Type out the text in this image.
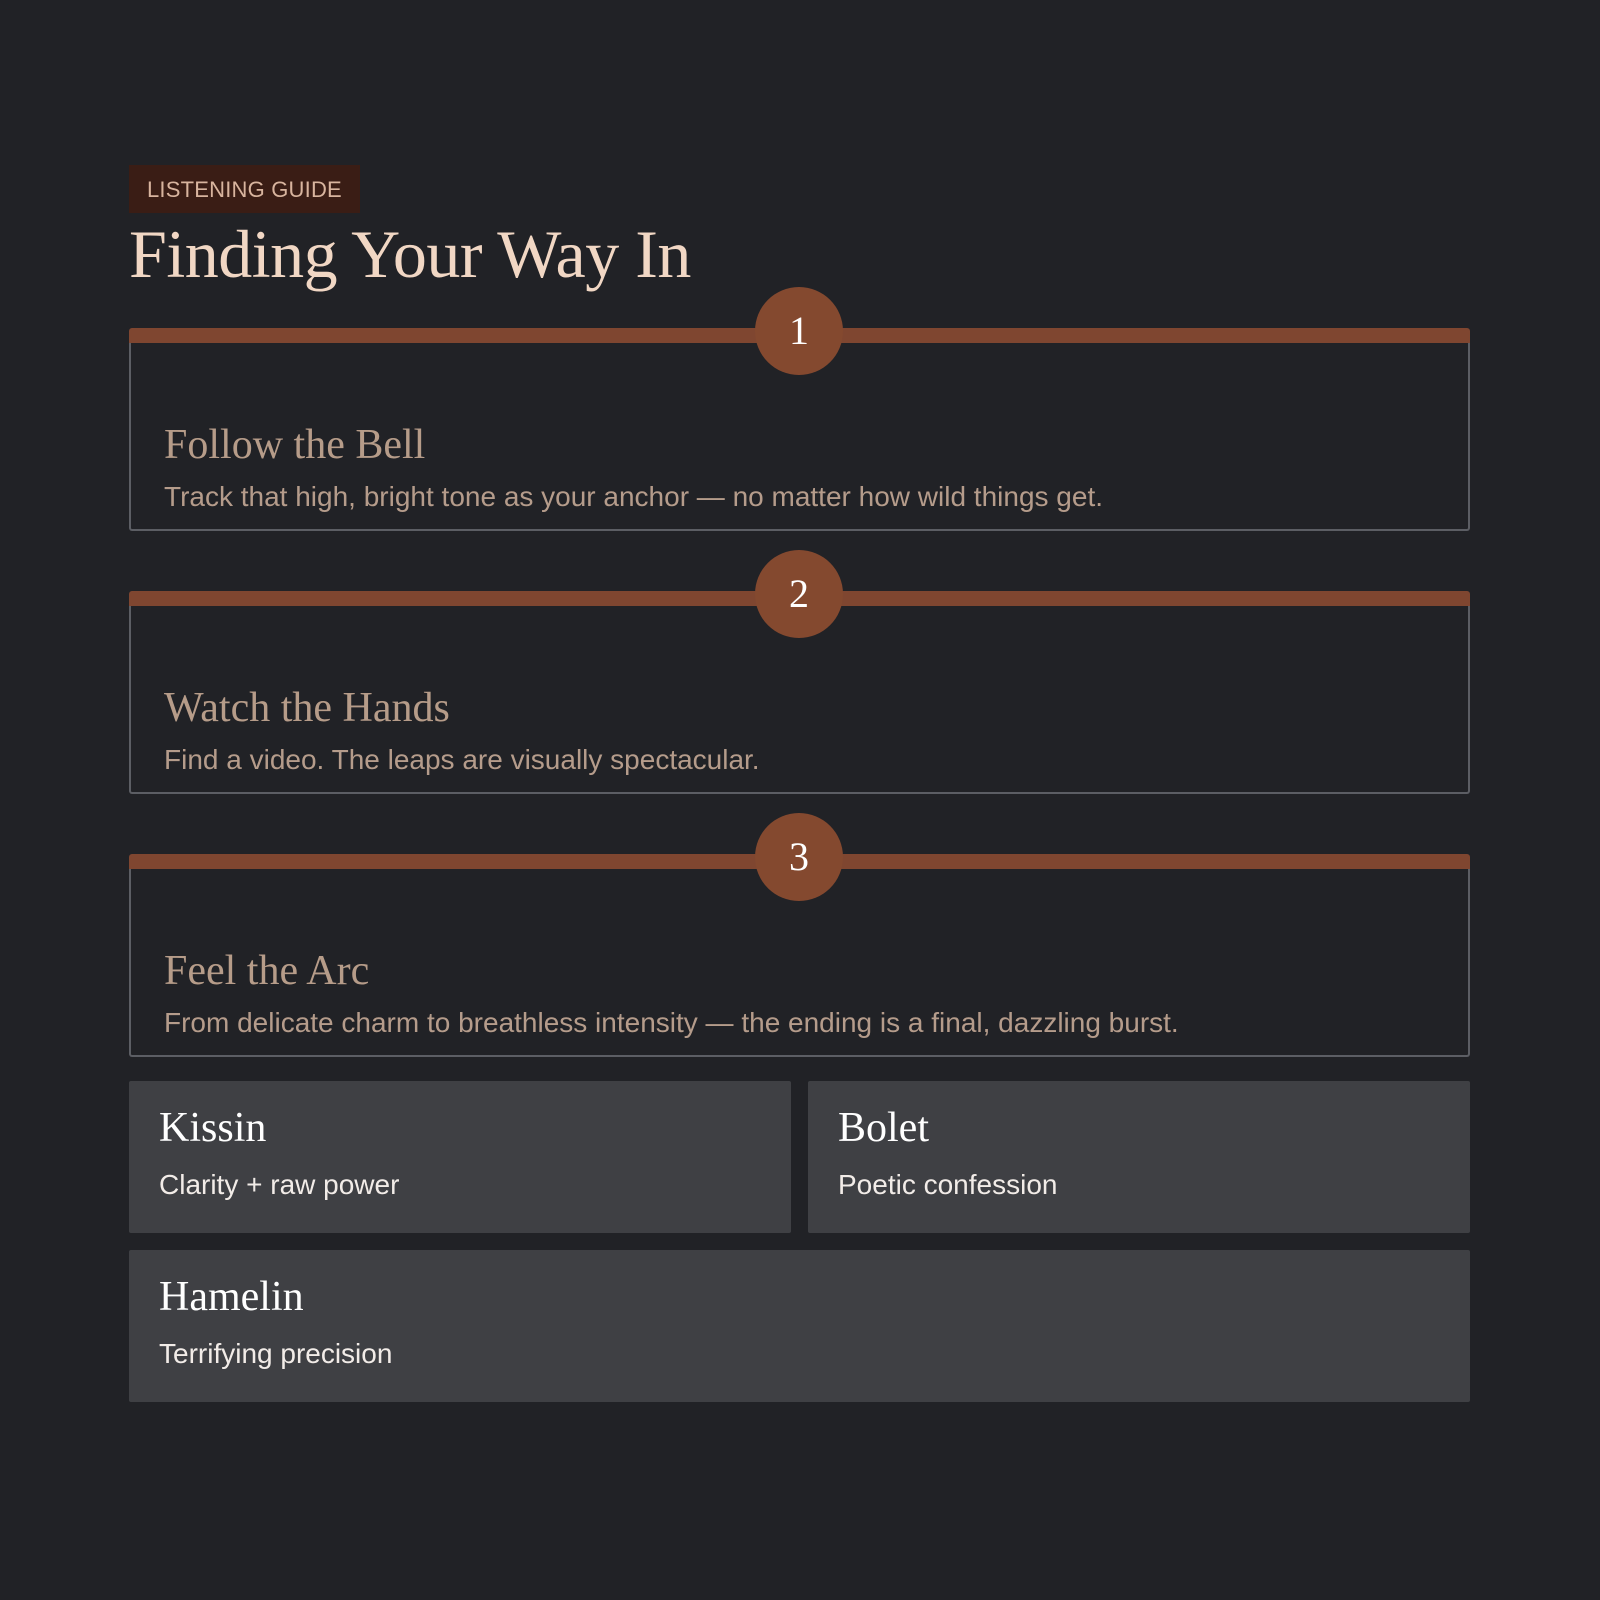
LISTENING GUIDE
Finding Your Way In
Follow the Bell

Track that high, bright tone as your anchor — no matter how wild things get.

1
Watch the Hands

Find a video. The leaps are visually spectacular.

2
Feel the Arc

From delicate charm to breathless intensity — the ending is a final, dazzling burst.

3
Kissin

Clarity + raw power

Bolet

Poetic confession

Hamelin

Terrifying precision
